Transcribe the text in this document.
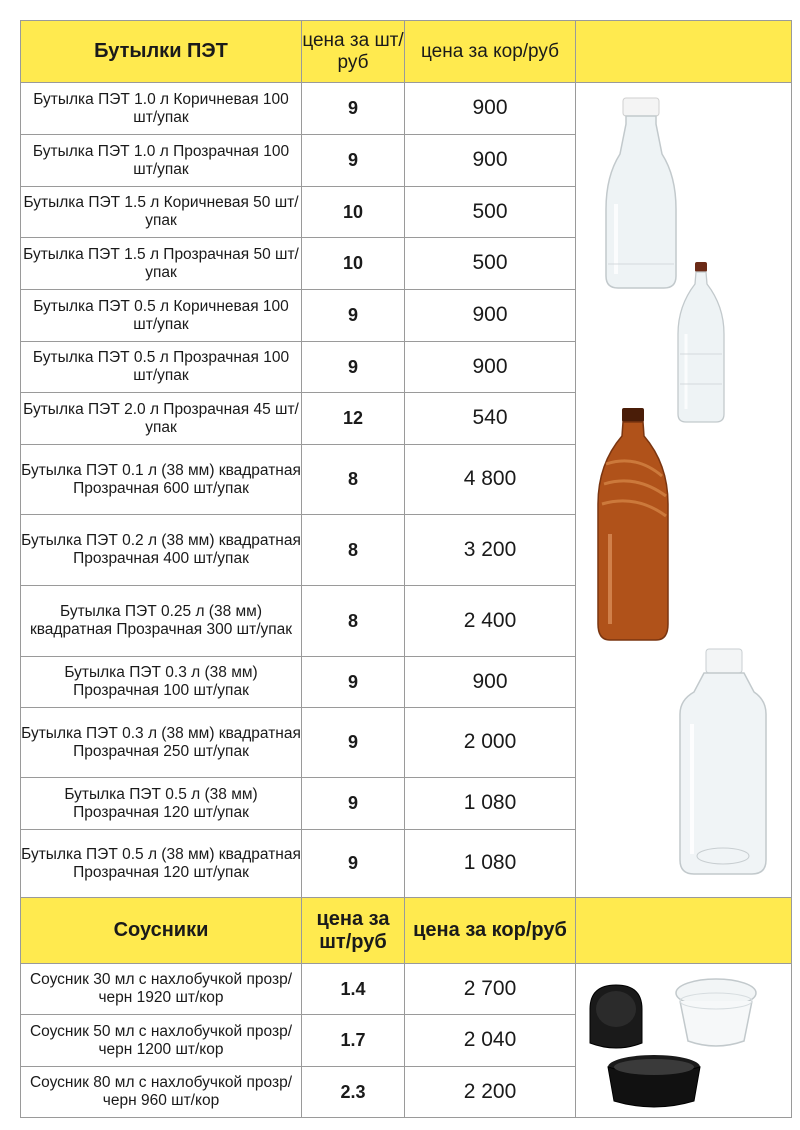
Бутылки ПЭТ	цена за шт/руб	цена за кор/руб	
Бутылка ПЭТ 1.0 л Коричневая 100 шт/упак	9	900	

Бутылка ПЭТ 1.0 л Прозрачная 100 шт/упак	9	900	
Бутылка ПЭТ 1.5 л Коричневая 50 шт/упак	10	500	
Бутылка ПЭТ 1.5 л Прозрачная 50 шт/упак	10	500	
Бутылка ПЭТ 0.5 л Коричневая 100 шт/упак	9	900	
Бутылка ПЭТ 0.5 л Прозрачная 100 шт/упак	9	900	
Бутылка ПЭТ 2.0 л Прозрачная 45 шт/упак	12	540	
Бутылка ПЭТ 0.1 л (38 мм) квадратная Прозрачная 600 шт/упак	8	4 800	
Бутылка ПЭТ 0.2 л (38 мм) квадратная Прозрачная 400 шт/упак	8	3 200	
Бутылка ПЭТ 0.25 л (38 мм) квадратная Прозрачная 300 шт/упак	8	2 400	
Бутылка ПЭТ 0.3 л (38 мм) Прозрачная 100 шт/упак	9	900	
Бутылка ПЭТ 0.3 л (38 мм) квадратная Прозрачная 250 шт/упак	9	2 000	
Бутылка ПЭТ 0.5 л (38 мм) Прозрачная 120 шт/упак	9	1 080	
Бутылка ПЭТ 0.5 л (38 мм) квадратная Прозрачная 120 шт/упак	9	1 080	
Соусники	цена за шт/руб	цена за кор/руб	
Соусник 30 мл с нахлобучкой прозр/черн 1920 шт/кор	1.4	2 700	

Соусник 50 мл с нахлобучкой прозр/черн 1200 шт/кор	1.7	2 040	
Соусник 80 мл с нахлобучкой прозр/черн 960 шт/кор	2.3	2 200	
